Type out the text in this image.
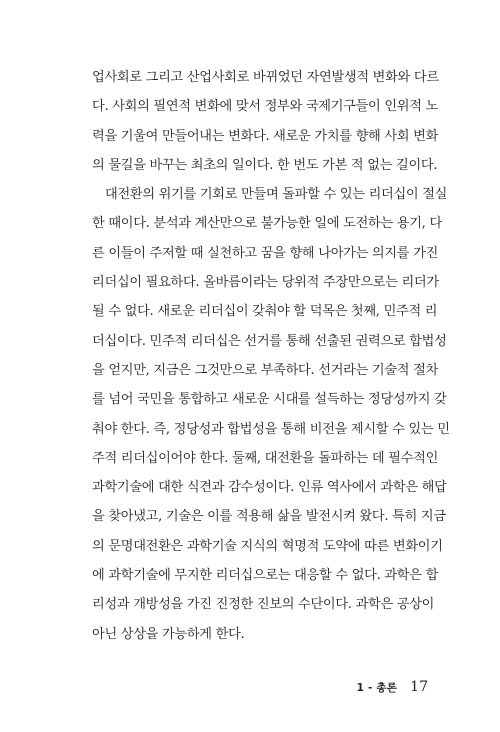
업사회로 그리고 산업사회로 바뀌었던 자연발생적 변화와 다르
다. 사회의 필연적 변화에 맞서 정부와 국제기구들이 인위적 노
력을 기울여 만들어내는 변화다. 새로운 가치를 향해 사회 변화
의 물길을 바꾸는 최초의 일이다. 한 번도 가본 적 없는 길이다.
대전환의 위기를 기회로 만들며 돌파할 수 있는 리더십이 절실
한 때이다. 분석과 계산만으로 불가능한 일에 도전하는 용기, 다
른 이들이 주저할 때 실천하고 꿈을 향해 나아가는 의지를 가진
리더십이 필요하다. 올바름이라는 당위적 주장만으로는 리더가
될 수 없다. 새로운 리더십이 갖춰야 할 덕목은 첫째, 민주적 리
더십이다. 민주적 리더십은 선거를 통해 선출된 권력으로 합법성
을 얻지만, 지금은 그것만으로 부족하다. 선거라는 기술적 절차
를 넘어 국민을 통합하고 새로운 시대를 설득하는 정당성까지 갖
춰야 한다. 즉, 정당성과 합법성을 통해 비전을 제시할 수 있는 민
주적 리더십이어야 한다. 둘째, 대전환을 돌파하는 데 필수적인
과학기술에 대한 식견과 감수성이다. 인류 역사에서 과학은 해답
을 찾아냈고, 기술은 이를 적용해 삶을 발전시켜 왔다. 특히 지금
의 문명대전환은 과학기술 지식의 혁명적 도약에 따른 변화이기
에 과학기술에 무지한 리더십으로는 대응할 수 없다. 과학은 합
리성과 개방성을 가진 진정한 진보의 수단이다. 과학은 공상이
아닌 상상을 가능하게 한다.
1 - 총론 17
